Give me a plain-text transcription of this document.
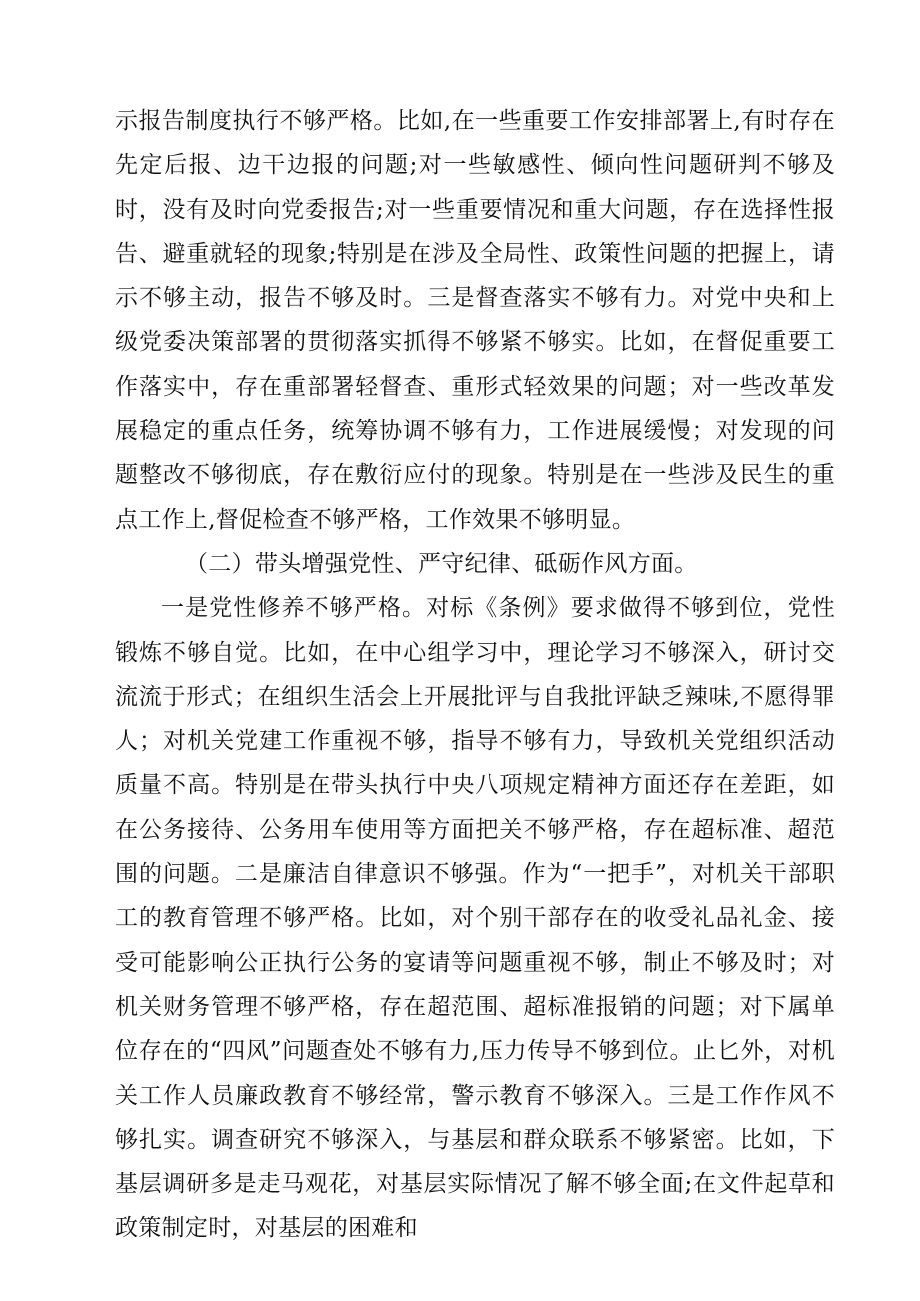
示报告制度执行不够严格。比如,在一些重要工作安排部署上,有时存在先定后报、边干边报的问题;对一些敏感性、倾向性问题研判不够及时，没有及时向党委报告;对一些重要情况和重大问题，存在选择性报告、避重就轻的现象;特别是在涉及全局性、政策性问题的把握上，请示不够主动，报告不够及时。三是督查落实不够有力。对党中央和上级党委决策部署的贯彻落实抓得不够紧不够实。比如，在督促重要工作落实中，存在重部署轻督查、重形式轻效果的问题；对一些改革发展稳定的重点任务，统筹协调不够有力，工作进展缓慢；对发现的问题整改不够彻底，存在敷衍应付的现象。特别是在一些涉及民生的重点工作上,督促检查不够严格，工作效果不够明显。

（二）带头增强党性、严守纪律、砥砺作风方面。

一是党性修养不够严格。对标《条例》要求做得不够到位，党性锻炼不够自觉。比如，在中心组学习中，理论学习不够深入，研讨交流流于形式；在组织生活会上开展批评与自我批评缺乏辣味,不愿得罪人；对机关党建工作重视不够，指导不够有力，导致机关党组织活动质量不高。特别是在带头执行中央八项规定精神方面还存在差距，如在公务接待、公务用车使用等方面把关不够严格，存在超标准、超范围的问题。二是廉洁自律意识不够强。作为“一把手”，对机关干部职工的教育管理不够严格。比如，对个别干部存在的收受礼品礼金、接受可能影响公正执行公务的宴请等问题重视不够，制止不够及时；对机关财务管理不够严格，存在超范围、超标准报销的问题；对下属单位存在的“四风”问题查处不够有力,压力传导不够到位。止匕外，对机关工作人员廉政教育不够经常，警示教育不够深入。三是工作作风不够扎实。调查研究不够深入，与基层和群众联系不够紧密。比如，下基层调研多是走马观花，对基层实际情况了解不够全面;在文件起草和政策制定时，对基层的困难和
